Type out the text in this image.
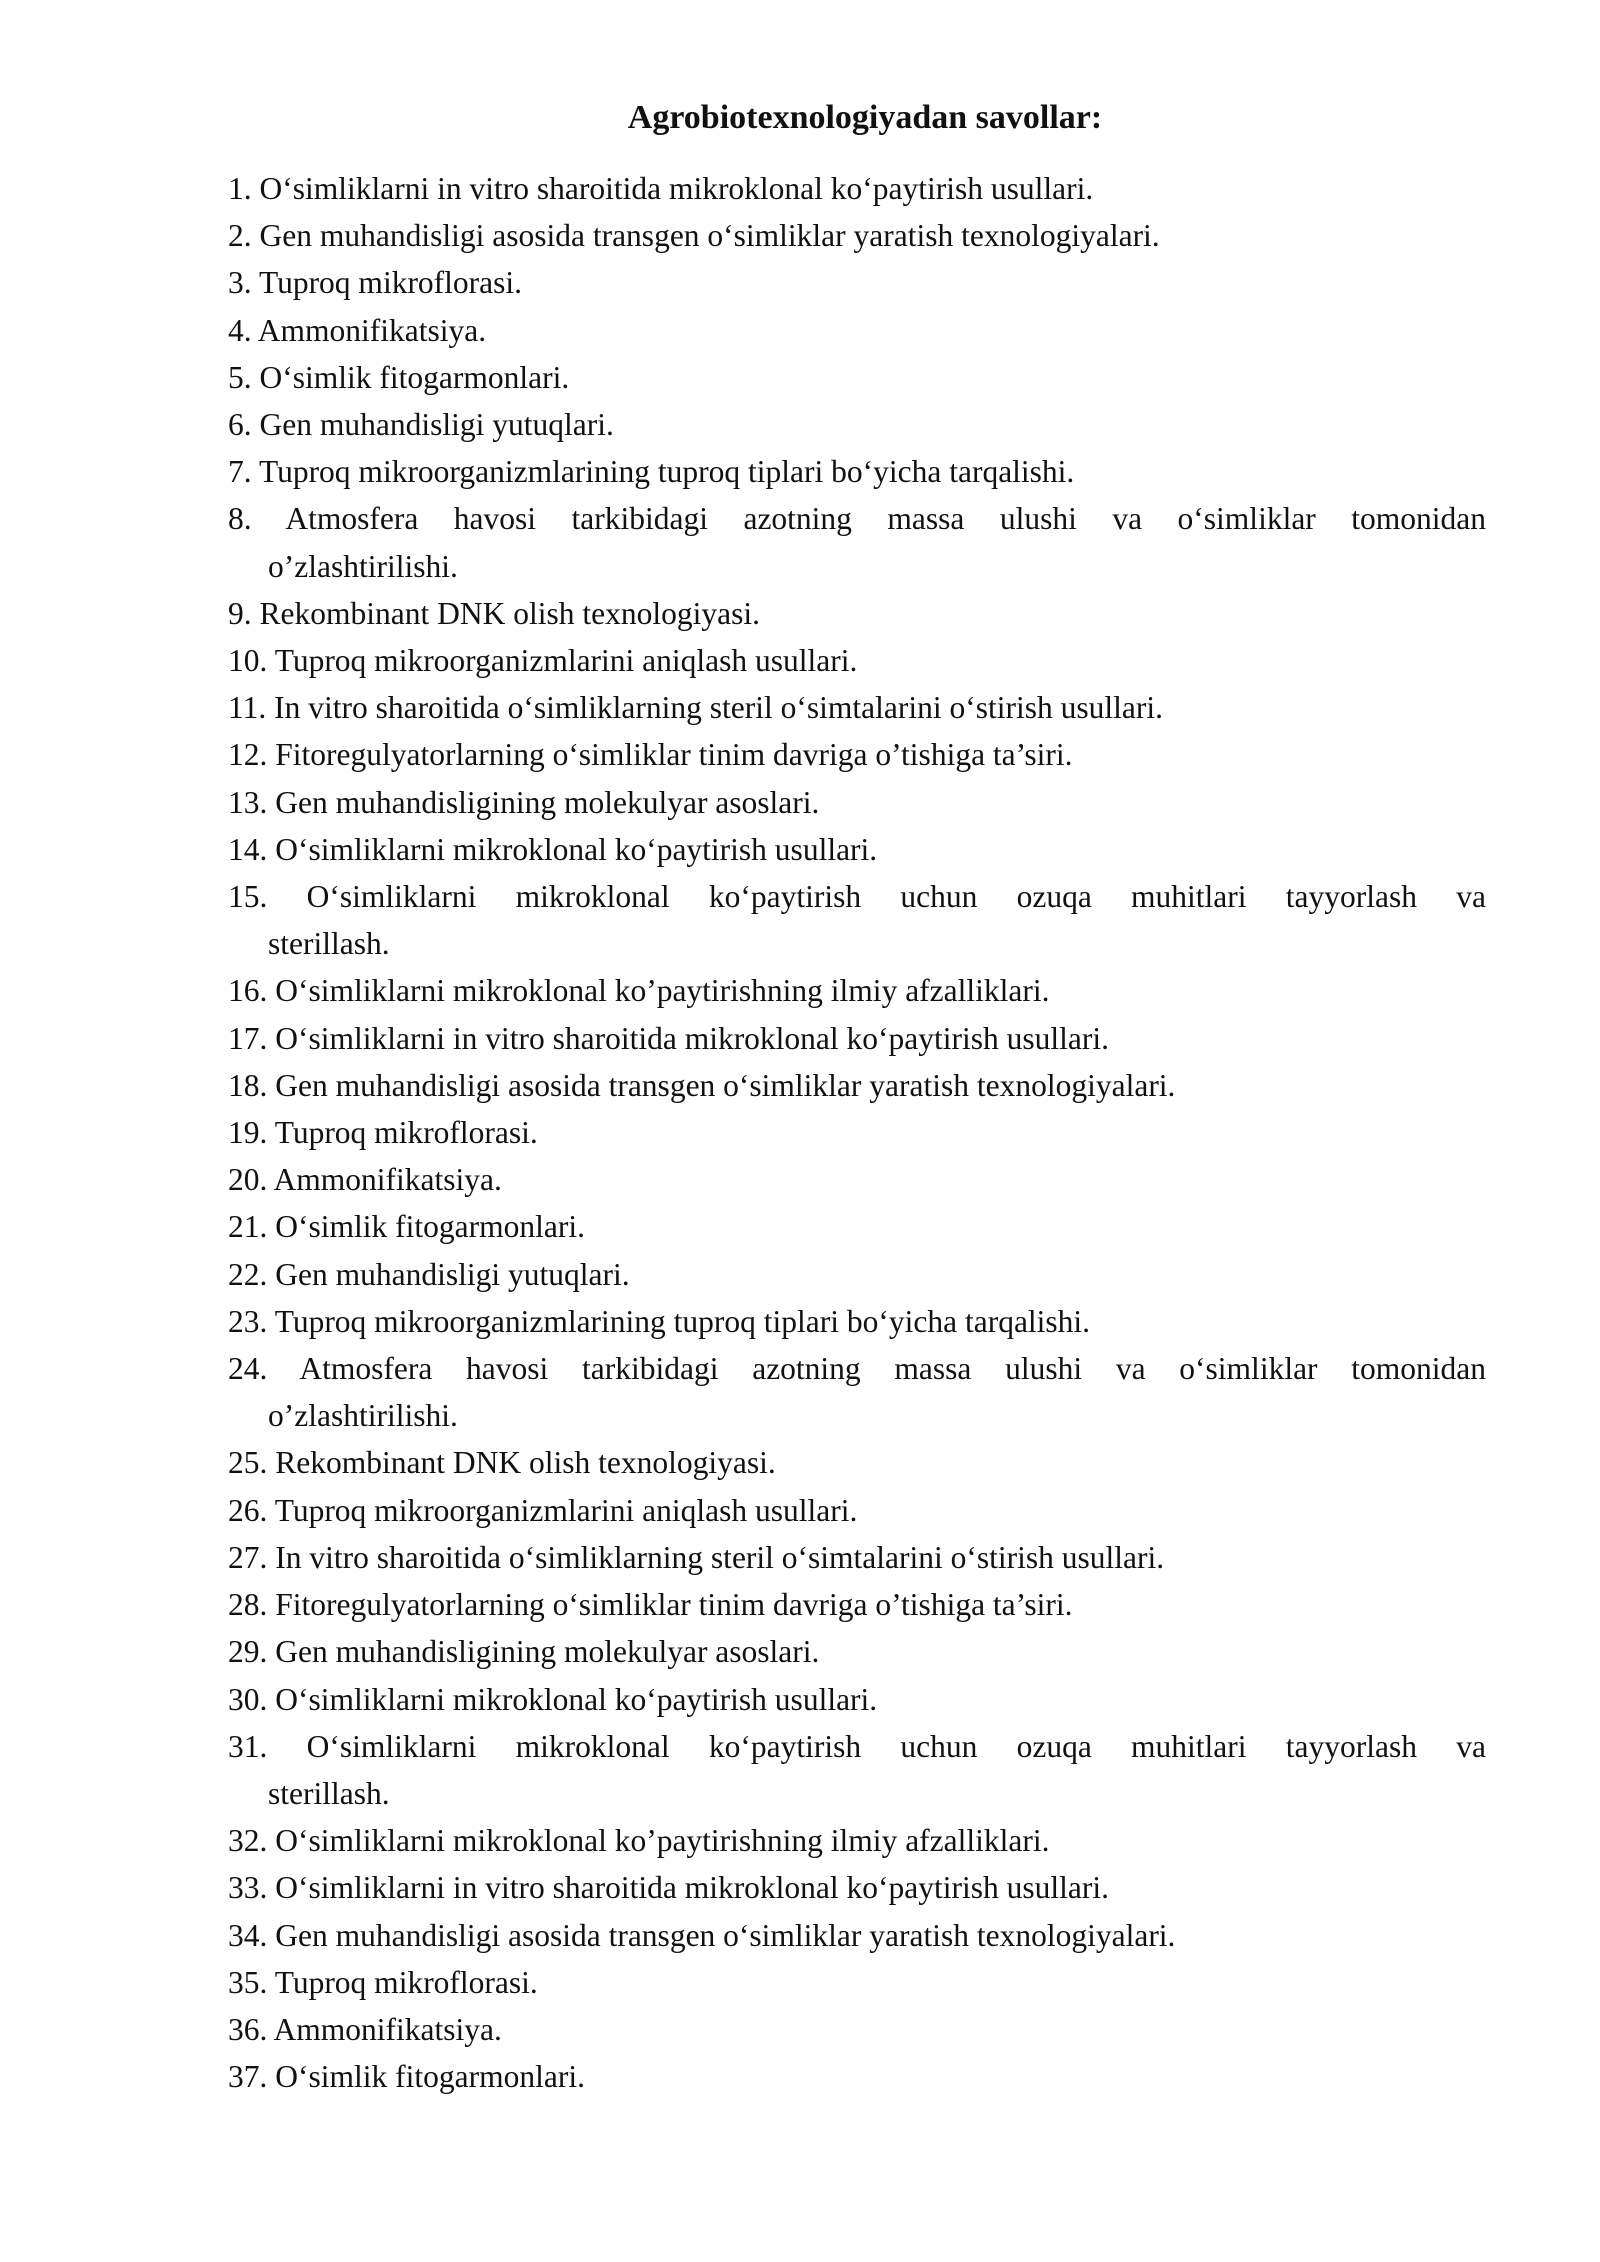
Agrobiotexnologiyadan savollar:
1. O‘simliklarni in vitro sharoitida mikroklonal ko‘paytirish usullari.
2. Gen muhandisligi asosida transgen o‘simliklar yaratish texnologiyalari.
3. Tuproq mikroflorasi.
4. Ammonifikatsiya.
5. O‘simlik fitogarmonlari.
6. Gen muhandisligi yutuqlari.
7. Tuproq mikroorganizmlarining tuproq tiplari bo‘yicha tarqalishi.
8. Atmosfera havosi tarkibidagi azotning massa ulushi va o‘simliklar tomonidan
o’zlashtirilishi.
9. Rekombinant DNK olish texnologiyasi.
10. Tuproq mikroorganizmlarini aniqlash usullari.
11. In vitro sharoitida o‘simliklarning steril o‘simtalarini o‘stirish usullari.
12. Fitoregulyatorlarning o‘simliklar tinim davriga o’tishiga ta’siri.
13. Gen muhandisligining molekulyar asoslari.
14. O‘simliklarni mikroklonal ko‘paytirish usullari.
15. O‘simliklarni mikroklonal ko‘paytirish uchun ozuqa muhitlari tayyorlash va
sterillash.
16. O‘simliklarni mikroklonal ko’paytirishning ilmiy afzalliklari.
17. O‘simliklarni in vitro sharoitida mikroklonal ko‘paytirish usullari.
18. Gen muhandisligi asosida transgen o‘simliklar yaratish texnologiyalari.
19. Tuproq mikroflorasi.
20. Ammonifikatsiya.
21. O‘simlik fitogarmonlari.
22. Gen muhandisligi yutuqlari.
23. Tuproq mikroorganizmlarining tuproq tiplari bo‘yicha tarqalishi.
24. Atmosfera havosi tarkibidagi azotning massa ulushi va o‘simliklar tomonidan
o’zlashtirilishi.
25. Rekombinant DNK olish texnologiyasi.
26. Tuproq mikroorganizmlarini aniqlash usullari.
27. In vitro sharoitida o‘simliklarning steril o‘simtalarini o‘stirish usullari.
28. Fitoregulyatorlarning o‘simliklar tinim davriga o’tishiga ta’siri.
29. Gen muhandisligining molekulyar asoslari.
30. O‘simliklarni mikroklonal ko‘paytirish usullari.
31. O‘simliklarni mikroklonal ko‘paytirish uchun ozuqa muhitlari tayyorlash va
sterillash.
32. O‘simliklarni mikroklonal ko’paytirishning ilmiy afzalliklari.
33. O‘simliklarni in vitro sharoitida mikroklonal ko‘paytirish usullari.
34. Gen muhandisligi asosida transgen o‘simliklar yaratish texnologiyalari.
35. Tuproq mikroflorasi.
36. Ammonifikatsiya.
37. O‘simlik fitogarmonlari.
